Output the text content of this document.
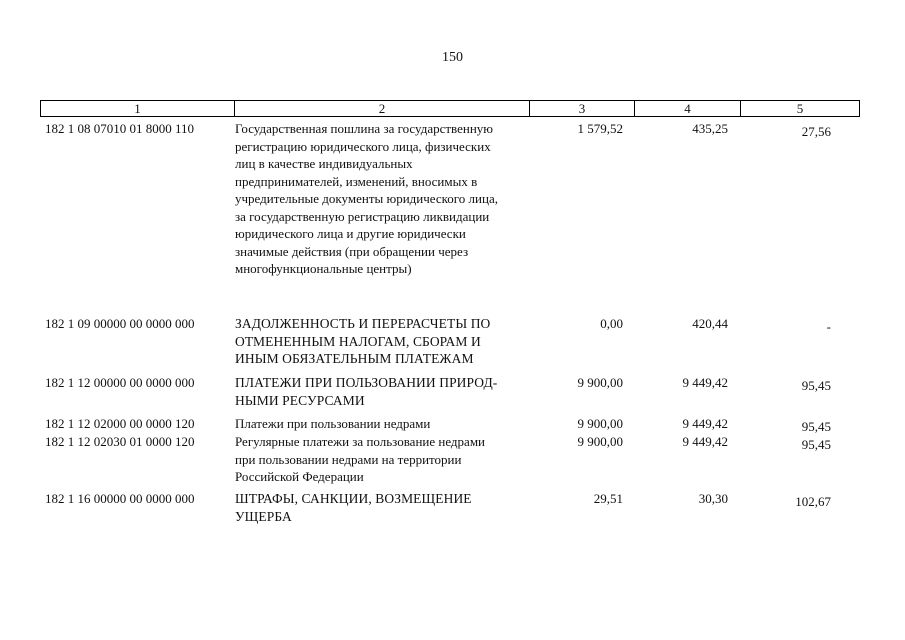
150
1	2	3	4	5
182 1 08 07010 01 8000 110	Государственная пошлина за государственную
регистрацию юридического лица, физических
лиц в качестве индивидуальных
предпринимателей, изменений, вносимых в
учредительные документы юридического лица,
за государственную регистрацию ликвидации
юридического лица и другие юридически
значимые действия (при обращении через
многофункциональные центры)
1 579,52	435,25	27,56
182 1 09 00000 00 0000 000	ЗАДОЛЖЕННОСТЬ И ПЕРЕРАСЧЕТЫ ПО
ОТМЕНЕННЫМ НАЛОГАМ, СБОРАМ И
ИНЫМ ОБЯЗАТЕЛЬНЫМ ПЛАТЕЖАМ
0,00	420,44	-
182 1 12 00000 00 0000 000	ПЛАТЕЖИ ПРИ ПОЛЬЗОВАНИИ ПРИРОД-
НЫМИ РЕСУРСАМИ
9 900,00	9 449,42	95,45
182 1 12 02000 00 0000 120	Платежи при пользовании недрами	9 900,00	9 449,42	95,45
182 1 12 02030 01 0000 120	Регулярные платежи за пользование недрами
при пользовании недрами на территории
Российской Федерации
9 900,00	9 449,42	95,45
182 1 16 00000 00 0000 000	ШТРАФЫ, САНКЦИИ, ВОЗМЕЩЕНИЕ
УЩЕРБА
29,51	30,30	102,67
